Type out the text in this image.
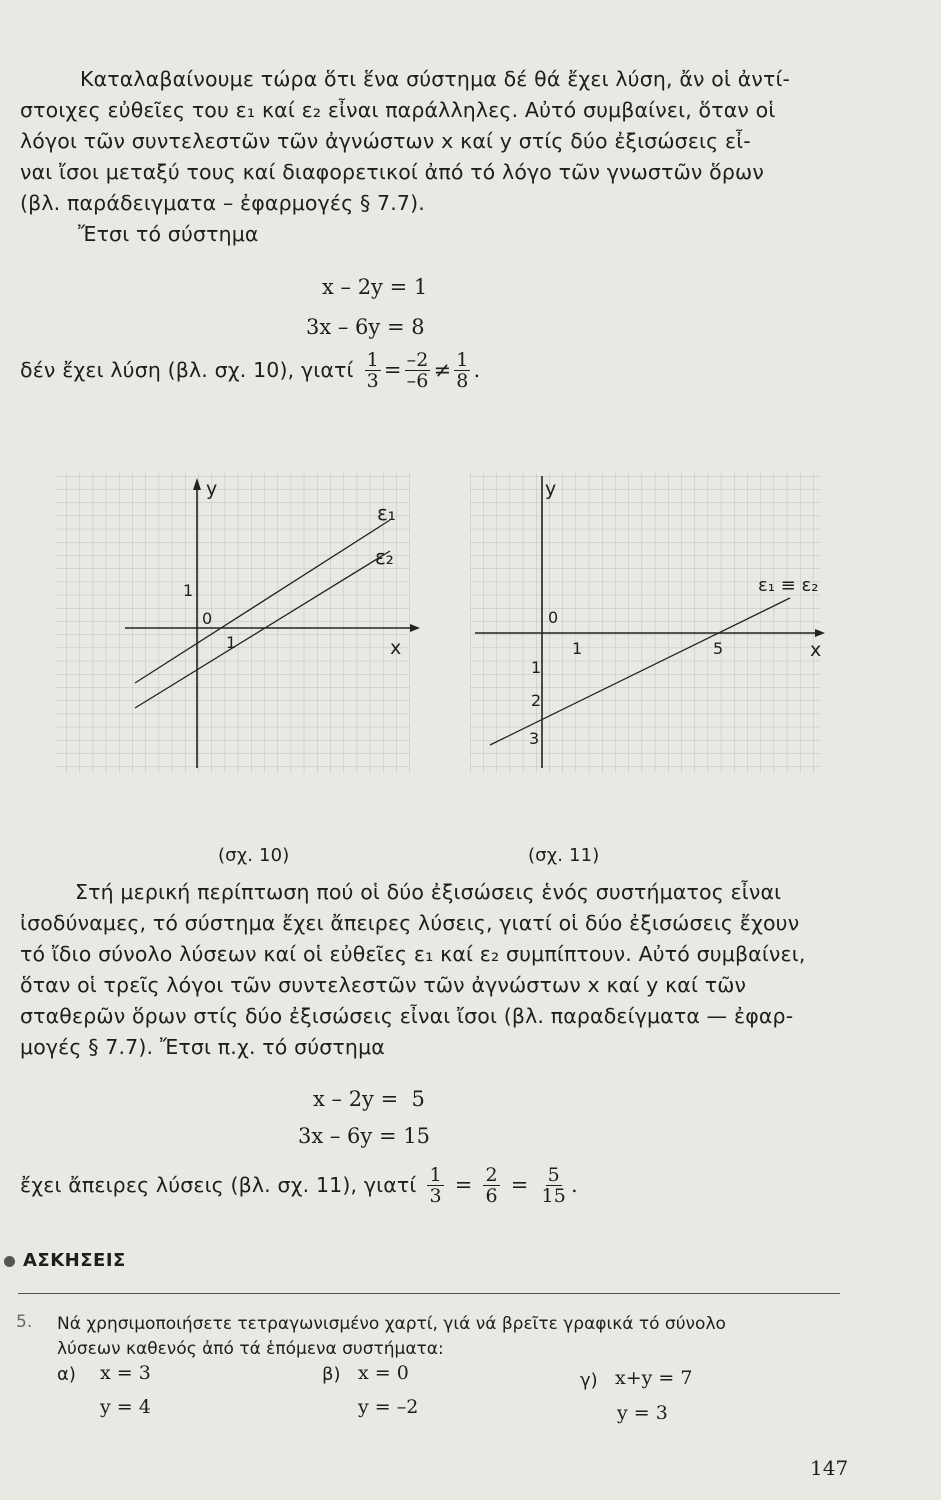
Καταλαβαίνουμε τώρα ὅτι ἕνα σύστημα δέ θά ἔχει λύση, ἄν οἱ ἀντί-
στοιχες εὐθεῖες του ε₁ καί ε₂ εἶναι παράλληλες. Αὐτό συμβαίνει, ὅταν οἱ
λόγοι τῶν συντελεστῶν τῶν ἀγνώστων x καί y στίς δύο ἐξισώσεις εἶ-
ναι ἴσοι μεταξύ τους καί διαφορετικοί ἀπό τό λόγο τῶν γνωστῶν ὅρων
(βλ. παράδειγματα – ἐφαρμογές § 7.7).
Ἔτσι τό σύστημα
x – 2y = 1
3x – 6y = 8
δέν ἔχει λύση (βλ. σχ. 10), γιατί $\frac{1}{3} = \frac{-2}{-6} \ne \frac{1}{8}$ .
y
x
0
1
1
ε₁
ε₂
y
x
0
1	5
1
2
3
ε₁ ≡ ε₂
(σχ. 10)	(σχ. 11)
Στή μερική περίπτωση πού οἱ δύο ἐξισώσεις ἑνός συστήματος εἶναι
ἰσοδύναμες, τό σύστημα ἔχει ἄπειρες λύσεις, γιατί οἱ δύο ἐξισώσεις ἔχουν
τό ἴδιο σύνολο λύσεων καί οἱ εὐθεῖες ε₁ καί ε₂ συμπίπτουν. Αὐτό συμβαίνει,
ὅταν οἱ τρεῖς λόγοι τῶν συντελεστῶν τῶν ἀγνώστων x καί y καί τῶν
σταθερῶν ὅρων στίς δύο ἐξισώσεις εἶναι ἴσοι (βλ. παραδείγματα — ἐφαρ-
μογές § 7.7). Ἔτσι π.χ. τό σύστημα
x – 2y =  5
3x – 6y = 15
ἔχει ἄπειρες λύσεις (βλ. σχ. 11), γιατί $\frac{1}{3} = \frac{2}{6} = \frac{5}{15}$ .
ΑΣΚΗΣΕΙΣ
5. Νά χρησιμοποιήσετε τετραγωνισμένο χαρτί, γιά νά βρεῖτε γραφικά τό σύνολο
λύσεων καθενός ἀπό τά ἑπόμενα συστήματα:
α) x = 3
y = 4
β) x = 0
y = –2
γ) x+y = 7
y = 3
147
